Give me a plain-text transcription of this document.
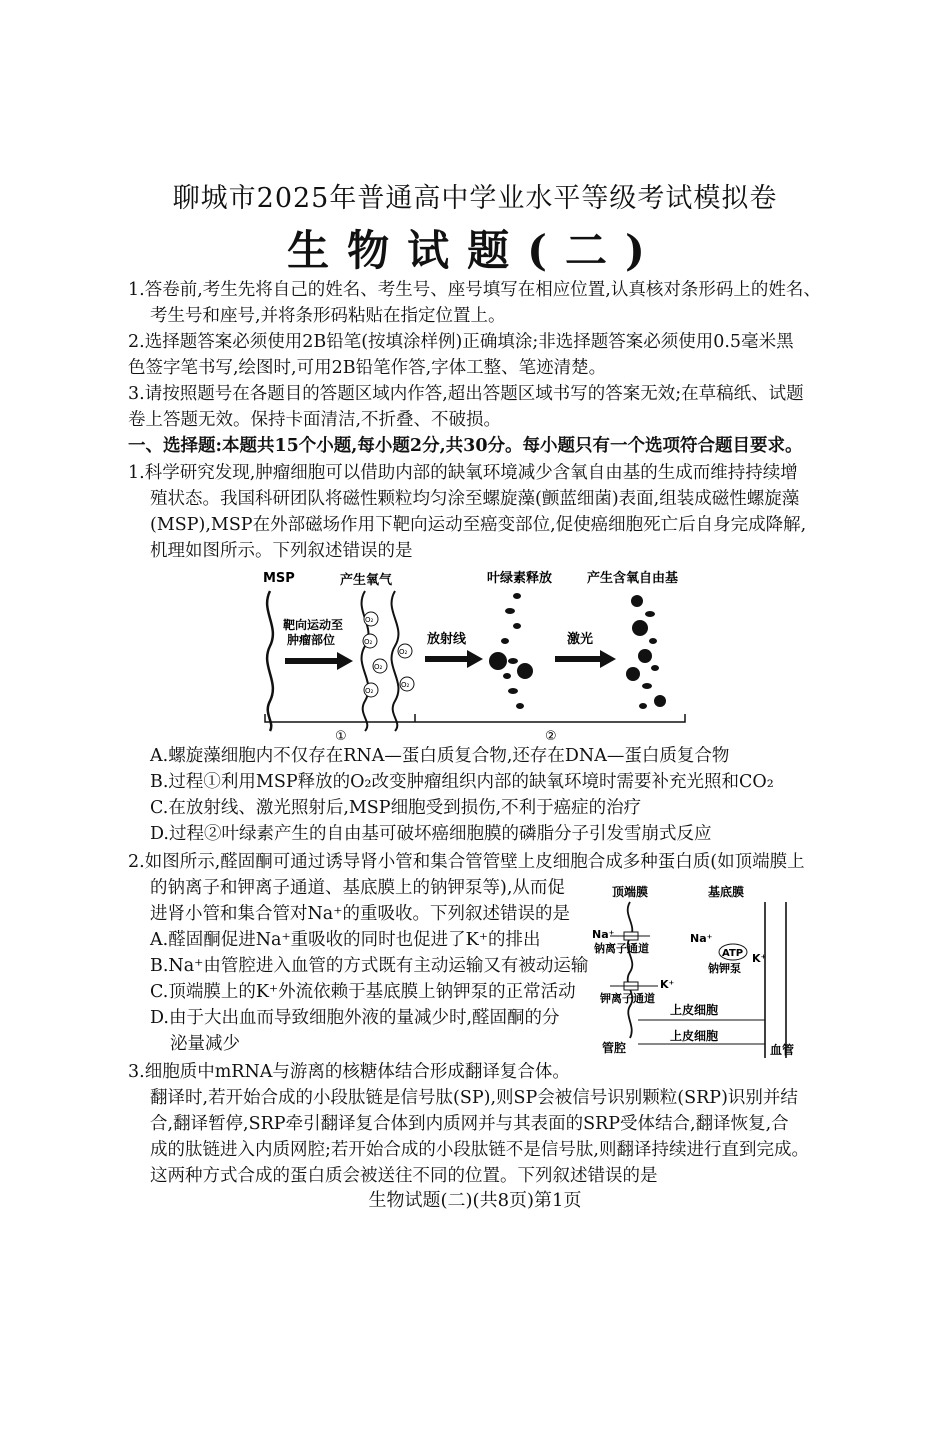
聊城市2025年普通高中学业水平等级考试模拟卷
生物试题(二)
1.答卷前,考生先将自己的姓名、考生号、座号填写在相应位置,认真核对条形码上的姓名、
考生号和座号,并将条形码粘贴在指定位置上。
2.选择题答案必须使用2B铅笔(按填涂样例)正确填涂;非选择题答案必须使用0.5毫米黑
色签字笔书写,绘图时,可用2B铅笔作答,字体工整、笔迹清楚。
3.请按照题号在各题目的答题区域内作答,超出答题区域书写的答案无效;在草稿纸、试题
卷上答题无效。保持卡面清洁,不折叠、不破损。
一、选择题:本题共15个小题,每小题2分,共30分。每小题只有一个选项符合题目要求。
1.科学研究发现,肿瘤细胞可以借助内部的缺氧环境减少含氧自由基的生成而维持持续增
殖状态。我国科研团队将磁性颗粒均匀涂至螺旋藻(颤蓝细菌)表面,组装成磁性螺旋藻
(MSP),MSP在外部磁场作用下靶向运动至癌变部位,促使癌细胞死亡后自身完成降解,
机理如图所示。下列叙述错误的是
MSP
靶向运动至
肿瘤部位
产生氧气
O₂
O₂
O₂
O₂
O₂
O₂
放射线
叶绿素释放
激光
产生含氧自由基
①	②
A.螺旋藻细胞内不仅存在RNA—蛋白质复合物,还存在DNA—蛋白质复合物
B.过程①利用MSP释放的O₂改变肿瘤组织内部的缺氧环境时需要补充光照和CO₂
C.在放射线、激光照射后,MSP细胞受到损伤,不利于癌症的治疗
D.过程②叶绿素产生的自由基可破坏癌细胞膜的磷脂分子引发雪崩式反应
2.如图所示,醛固酮可通过诱导肾小管和集合管管壁上皮细胞合成多种蛋白质(如顶端膜上
的钠离子和钾离子通道、基底膜上的钠钾泵等),从而促
进肾小管和集合管对Na⁺的重吸收。下列叙述错误的是
A.醛固酮促进Na⁺重吸收的同时也促进了K⁺的排出
B.Na⁺由管腔进入血管的方式既有主动运输又有被动运输
C.顶端膜上的K⁺外流依赖于基底膜上钠钾泵的正常活动
D.由于大出血而导致细胞外液的量减少时,醛固酮的分
泌量减少
顶端膜	基底膜
Na⁺
钠离子通道
Na⁺
ATP K⁺
钠钾泵
K⁺
钾离子通道
上皮细胞
上皮细胞
管腔	血管
3.细胞质中mRNA与游离的核糖体结合形成翻译复合体。
翻译时,若开始合成的小段肽链是信号肽(SP),则SP会被信号识别颗粒(SRP)识别并结
合,翻译暂停,SRP牵引翻译复合体到内质网并与其表面的SRP受体结合,翻译恢复,合
成的肽链进入内质网腔;若开始合成的小段肽链不是信号肽,则翻译持续进行直到完成。
这两种方式合成的蛋白质会被送往不同的位置。下列叙述错误的是
生物试题(二)(共8页)第1页
